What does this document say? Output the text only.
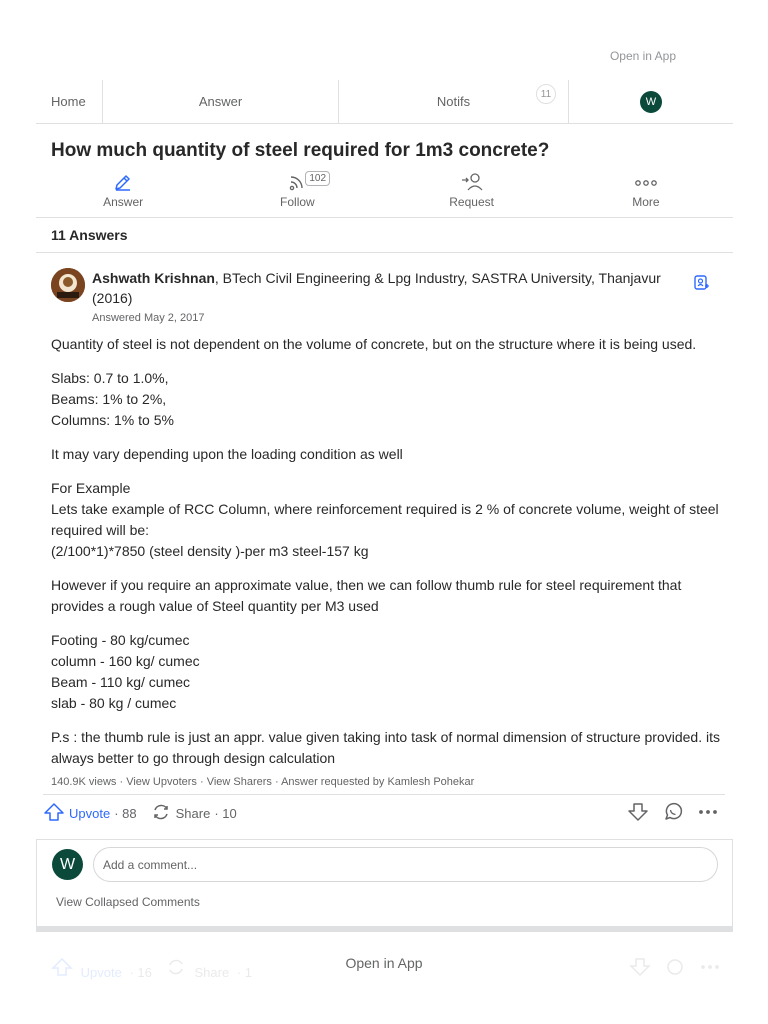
Open in App
Home	Answer	Notifs	11
W
How much quantity of steel required for 1m3 concrete?
Answer
102
Follow	Request	More
11 Answers
Ashwath Krishnan, BTech Civil Engineering & Lpg Industry, SASTRA University, Thanjavur (2016)
Answered May 2, 2017

Quantity of steel is not dependent on the volume of concrete, but on the structure where it is being used.

Slabs: 0.7 to 1.0%,
Beams: 1% to 2%,
Columns: 1% to 5%

It may vary depending upon the loading condition as well

For Example
Lets take example of RCC Column, where reinforcement required is 2 % of concrete volume, weight of steel required will be:
(2/100*1)*7850 (steel density )-per m3 steel-157 kg

However if you require an approximate value, then we can follow thumb rule for steel requirement that provides a rough value of Steel quantity per M3 used

Footing - 80 kg/cumec
column - 160 kg/ cumec
Beam - 110 kg/ cumec
slab - 80 kg / cumec

P.s : the thumb rule is just an appr. value given taking into task of normal dimension of structure provided. its always better to go through design calculation

140.9K views · View Upvoters · View Sharers · Answer requested by Kamlesh Pohekar
Upvote · 88	Share · 10
W	Add a comment...
View Collapsed Comments
Upvote · 16	Share · 1
Open in App
